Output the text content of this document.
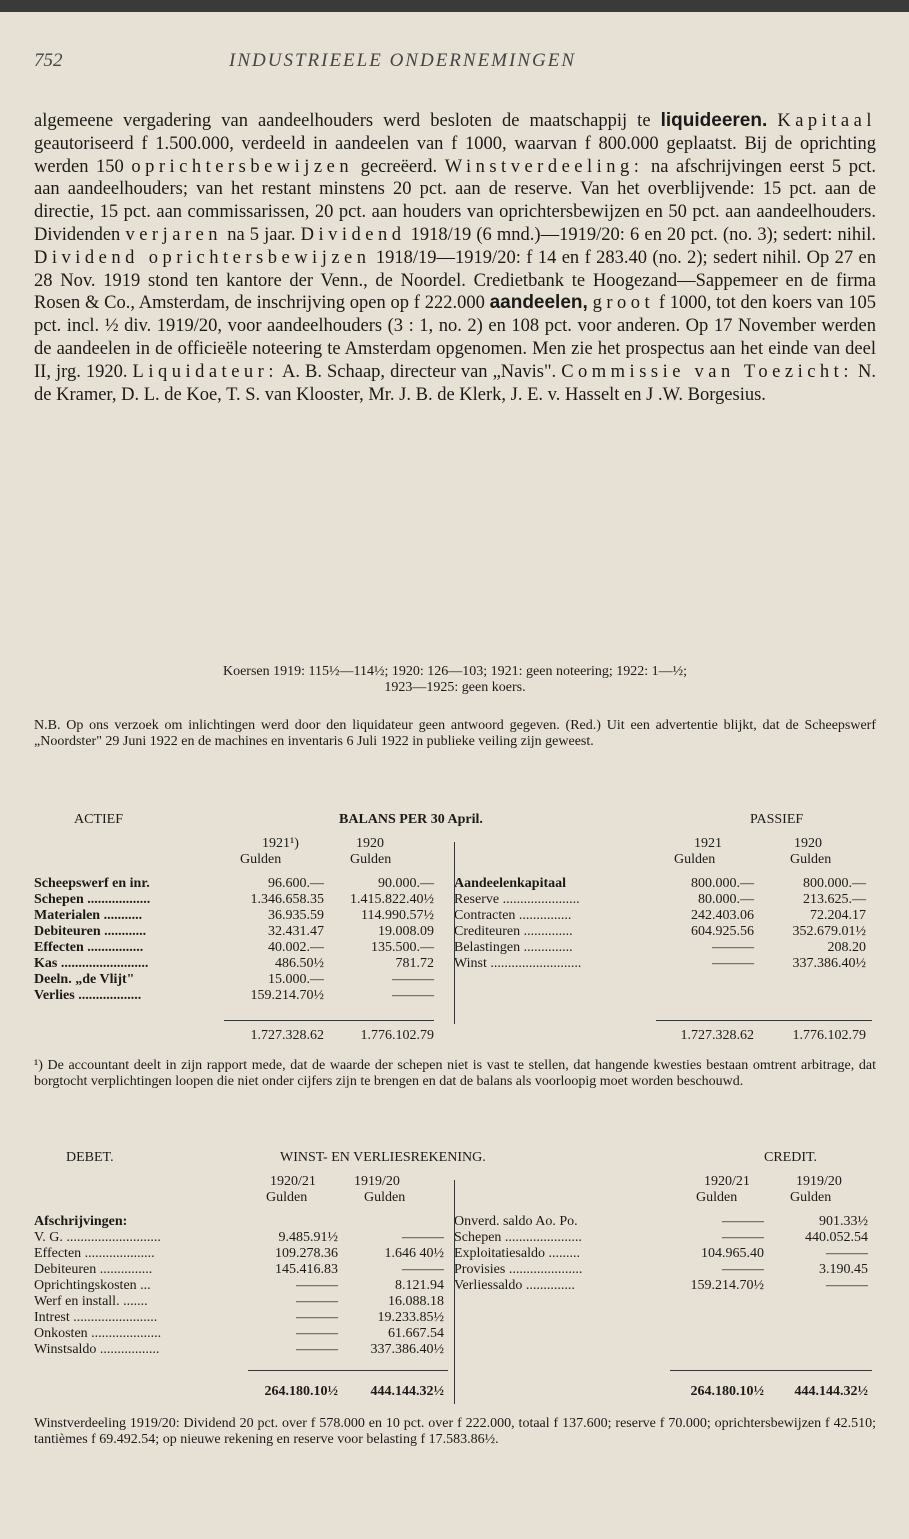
752	INDUSTRIEELE ONDERNEMINGEN

algemeene vergadering van aandeelhouders werd besloten de maatschappij te liquideeren. Kapitaal geautoriseerd f 1.500.000, verdeeld in aandeelen van f 1000, waarvan f 800.000 geplaatst. Bij de oprichting werden 150 oprichtersbewijzen gecreëerd. Winstverdeeling: na afschrijvingen eerst 5 pct. aan aandeelhouders; van het restant minstens 20 pct. aan de reserve. Van het overblijvende: 15 pct. aan de directie, 15 pct. aan commissarissen, 20 pct. aan houders van oprichtersbewijzen en 50 pct. aan aandeelhouders. Dividenden verjaren na 5 jaar. Dividend 1918/19 (6 mnd.)—1919/20: 6 en 20 pct. (no. 3); sedert: nihil. Dividend oprichtersbewijzen 1918/19—1919/20: f 14 en f 283.40 (no. 2); sedert nihil. Op 27 en 28 Nov. 1919 stond ten kantore der Venn., de Noordel. Credietbank te Hoogezand—Sappemeer en de firma Rosen & Co., Amsterdam, de inschrijving open op f 222.000 aandeelen, groot f 1000, tot den koers van 105 pct. incl. ½ div. 1919/20, voor aandeelhouders (3 : 1, no. 2) en 108 pct. voor anderen. Op 17 November werden de aandeelen in de officieële noteering te Amsterdam opgenomen. Men zie het prospectus aan het einde van deel II, jrg. 1920. Liquidateur: A. B. Schaap, directeur van „Navis". Commissie van Toezicht: N. de Kramer, D. L. de Koe, T. S. van Klooster, Mr. J. B. de Klerk, J. E. v. Hasselt en J .W. Borgesius.

Koersen 1919: 115½—114½; 1920: 126—103; 1921: geen noteering; 1922: 1—½;
1923—1925: geen koers.
N.B. Op ons verzoek om inlichtingen werd door den liquidateur geen antwoord gegeven. (Red.) Uit een advertentie blijkt, dat de Scheepswerf „Noordster" 29 Juni 1922 en de machines en inventaris 6 Juli 1922 in publieke veiling zijn geweest.
ACTIEF	BALANS PER 30 April.	PASSIEF
1921¹)	1920	1921	1920
Gulden	Gulden	Gulden	Gulden
Scheepswerf en inr.	96.600.—	90.000.—
Schepen ..................	1.346.658.35	1.415.822.40½
Materialen ...........	36.935.59	114.990.57½
Debiteuren ............	32.431.47	19.008.09
Effecten ................	40.002.—	135.500.—
Kas .........................	486.50½	781.72
Deeln. „de Vlijt"	15.000.—	———
Verlies ..................	159.214.70½	———
Aandeelenkapitaal	800.000.—	800.000.—
Reserve ......................	80.000.—	213.625.—
Contracten ...............	242.403.06	72.204.17
Crediteuren ..............	604.925.56	352.679.01½
Belastingen ..............	———	208.20
Winst ..........................	———	337.386.40½
1.727.328.62	1.776.102.79	1.727.328.62	1.776.102.79
¹) De accountant deelt in zijn rapport mede, dat de waarde der schepen niet is vast te stellen, dat hangende kwesties bestaan omtrent arbitrage, dat borgtocht verplichtingen loopen die niet onder cijfers zijn te brengen en dat de balans als voorloopig moet worden beschouwd.
DEBET.	WINST- EN VERLIESREKENING.	CREDIT.
1920/21	1919/20	1920/21	1919/20
Gulden	Gulden	Gulden	Gulden
Afschrijvingen:
V. G. ...........................	9.485.91½	———
Effecten ....................	109.278.36	1.646 40½
Debiteuren ...............	145.416.83	———
Oprichtingskosten ...	———	8.121.94
Werf en install. .......	———	16.088.18
Intrest ........................	———	19.233.85½
Onkosten ....................	———	61.667.54
Winstsaldo .................	———	337.386.40½
Onverd. saldo Ao. Po.	———	901.33½
Schepen ......................	———	440.052.54
Exploitatiesaldo .........	104.965.40	———
Provisies .....................	———	3.190.45
Verliessaldo ..............	159.214.70½	———
264.180.10½	444.144.32½	264.180.10½	444.144.32½
Winstverdeeling 1919/20: Dividend 20 pct. over f 578.000 en 10 pct. over f 222.000, totaal f 137.600; reserve f 70.000; oprichtersbewijzen f 42.510; tantièmes f 69.492.54; op nieuwe rekening en reserve voor belasting f 17.583.86½.
